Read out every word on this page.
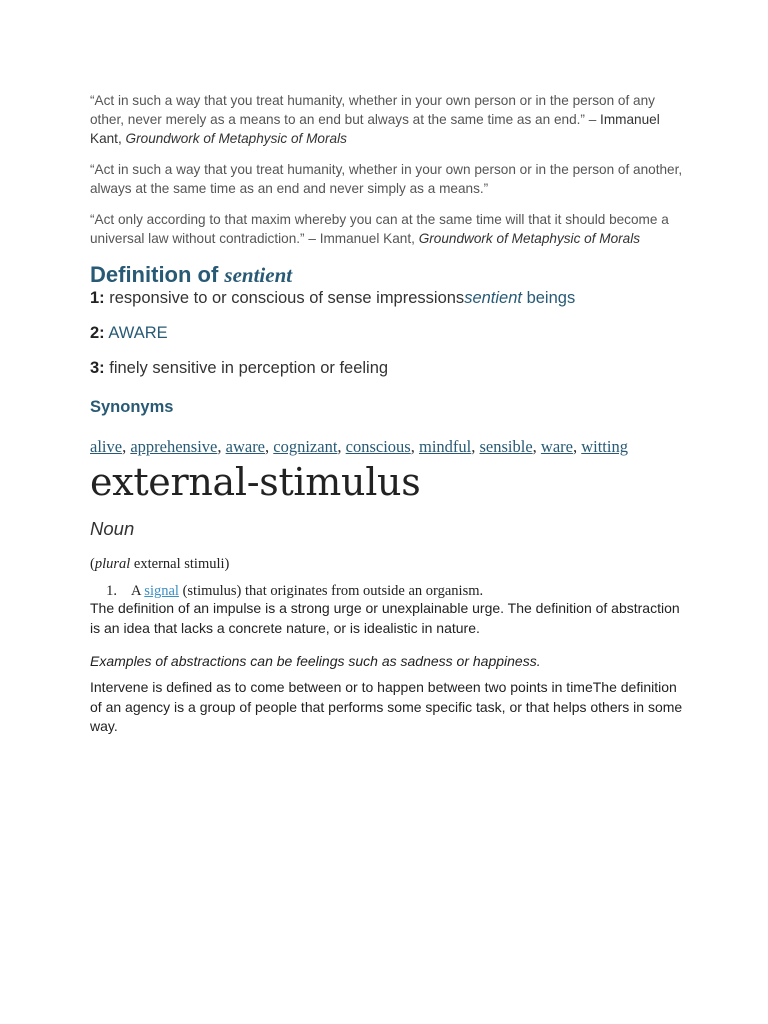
“Act in such a way that you treat humanity, whether in your own person or in the person of any other, never merely as a means to an end but always at the same time as an end.” – Immanuel Kant, Groundwork of Metaphysic of Morals

“Act in such a way that you treat humanity, whether in your own person or in the person of another, always at the same time as an end and never simply as a means.”

“Act only according to that maxim whereby you can at the same time will that it should become a universal law without contradiction.” – Immanuel Kant, Groundwork of Metaphysic of Morals

Definition of sentient

1: responsive to or conscious of sense impressionssentient beings

2: AWARE

3: finely sensitive in perception or feeling

Synonyms

alive, apprehensive, aware, cognizant, conscious, mindful, sensible, ware, witting

external-stimulus

Noun

(plural external stimuli)

1. A signal (stimulus) that originates from outside an organism.

The definition of an impulse is a strong urge or unexplainable urge. The definition of abstraction is an idea that lacks a concrete nature, or is idealistic in nature.

Examples of abstractions can be feelings such as sadness or happiness.

Intervene is defined as to come between or to happen between two points in timeThe definition of an agency is a group of people that performs some specific task, or that helps others in some way.
